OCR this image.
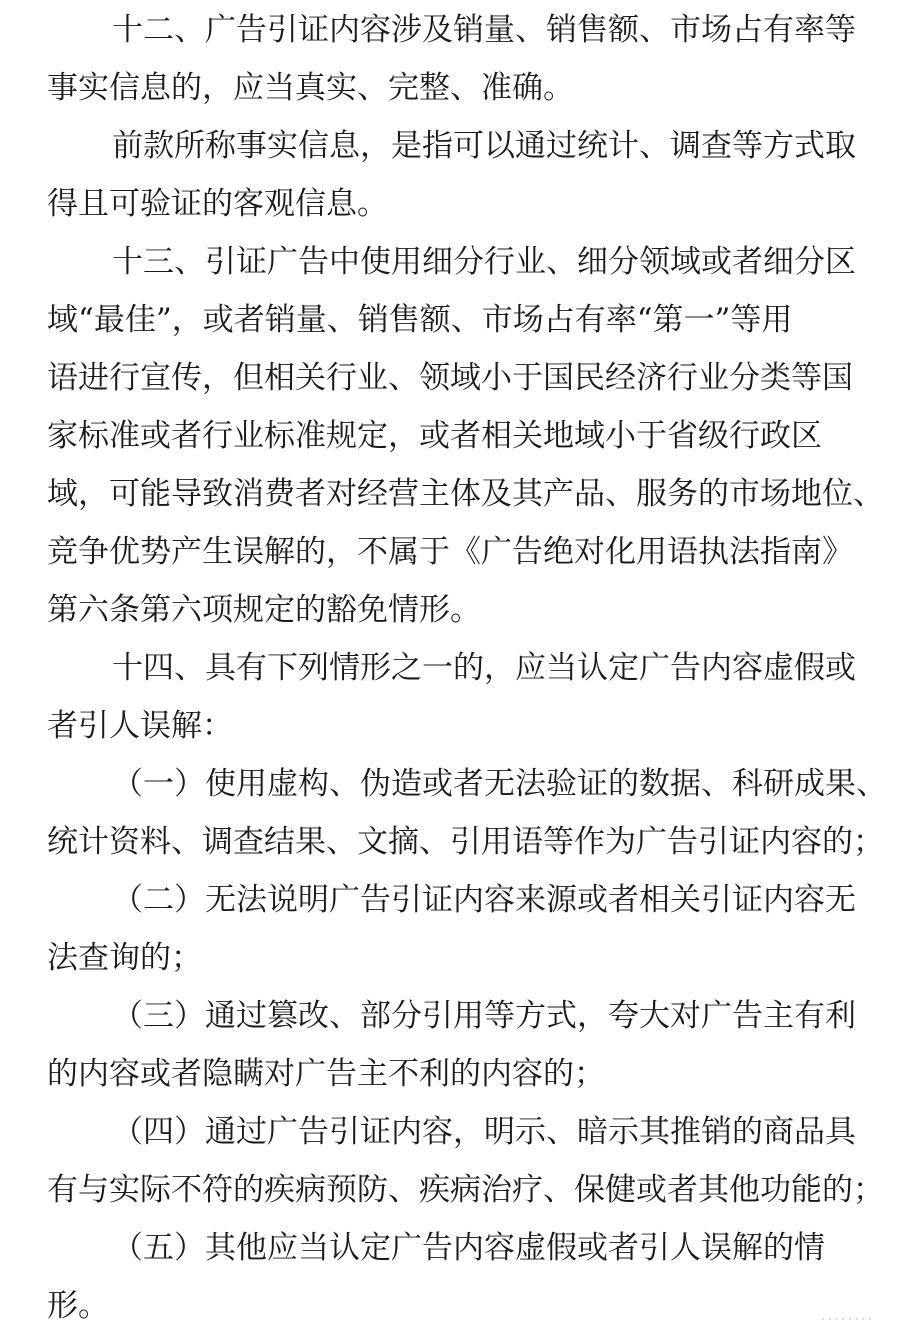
十二、广告引证内容涉及销量、销售额、市场占有率等
事实信息的，应当真实、完整、准确。
前款所称事实信息，是指可以通过统计、调查等方式取
得且可验证的客观信息。
十三、引证广告中使用细分行业、细分领域或者细分区
域“最佳”，或者销量、销售额、市场占有率“第一”等用
语进行宣传，但相关行业、领域小于国民经济行业分类等国
家标准或者行业标准规定，或者相关地域小于省级行政区
域，可能导致消费者对经营主体及其产品、服务的市场地位、
竞争优势产生误解的，不属于《广告绝对化用语执法指南》
第六条第六项规定的豁免情形。
十四、具有下列情形之一的，应当认定广告内容虚假或
者引人误解：
（一）使用虚构、伪造或者无法验证的数据、科研成果、
统计资料、调查结果、文摘、引用语等作为广告引证内容的；
（二）无法说明广告引证内容来源或者相关引证内容无
法查询的；
（三）通过篡改、部分引用等方式，夸大对广告主有利
的内容或者隐瞒对广告主不利的内容的；
（四）通过广告引证内容，明示、暗示其推销的商品具
有与实际不符的疾病预防、疾病治疗、保健或者其他功能的；
（五）其他应当认定广告内容虚假或者引人误解的情
形。	········
